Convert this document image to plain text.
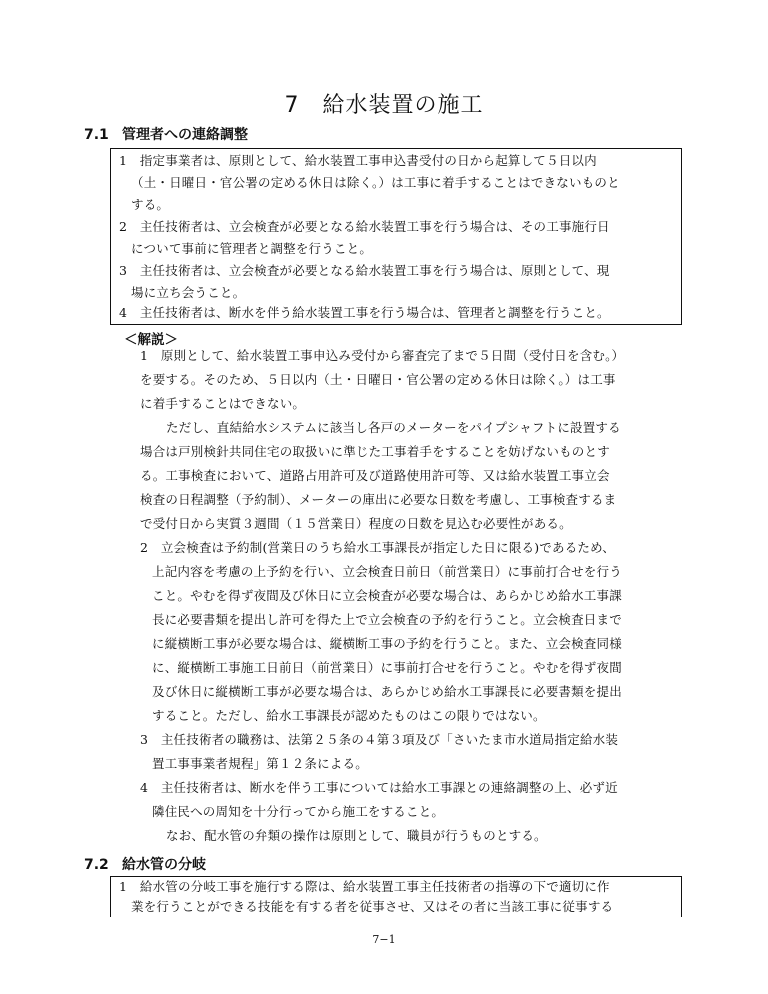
7　給水装置の施工
7.1 管理者への連絡調整
1　指定事業者は、原則として、給水装置工事申込書受付の日から起算して５日以内
（土・日曜日・官公署の定める休日は除く。）は工事に着手することはできないものと
する。
2　主任技術者は、立会検査が必要となる給水装置工事を行う場合は、その工事施行日
について事前に管理者と調整を行うこと。
3　主任技術者は、立会検査が必要となる給水装置工事を行う場合は、原則として、現
場に立ち会うこと。
4　主任技術者は、断水を伴う給水装置工事を行う場合は、管理者と調整を行うこと。
＜解説＞
1　原則として、給水装置工事申込み受付から審査完了まで５日間（受付日を含む。）
を要する。そのため、５日以内（土・日曜日・官公署の定める休日は除く。）は工事
に着手することはできない。
ただし、直結給水システムに該当し各戸のメーターをパイプシャフトに設置する
場合は戸別検針共同住宅の取扱いに準じた工事着手をすることを妨げないものとす
る。工事検査において、道路占用許可及び道路使用許可等、又は給水装置工事立会
検査の日程調整（予約制）、メーターの庫出に必要な日数を考慮し、工事検査するま
で受付日から実質３週間（１５営業日）程度の日数を見込む必要性がある。
2　立会検査は予約制(営業日のうち給水工事課長が指定した日に限る)であるため、
上記内容を考慮の上予約を行い、立会検査日前日（前営業日）に事前打合せを行う
こと。やむを得ず夜間及び休日に立会検査が必要な場合は、あらかじめ給水工事課
長に必要書類を提出し許可を得た上で立会検査の予約を行うこと。立会検査日まで
に縦横断工事が必要な場合は、縦横断工事の予約を行うこと。また、立会検査同様
に、縦横断工事施工日前日（前営業日）に事前打合せを行うこと。やむを得ず夜間
及び休日に縦横断工事が必要な場合は、あらかじめ給水工事課長に必要書類を提出
すること。ただし、給水工事課長が認めたものはこの限りではない。
3　主任技術者の職務は、法第２５条の４第３項及び「さいたま市水道局指定給水装
置工事事業者規程」第１２条による。
4　主任技術者は、断水を伴う工事については給水工事課との連絡調整の上、必ず近
隣住民への周知を十分行ってから施工をすること。
なお、配水管の弁類の操作は原則として、職員が行うものとする。
7.2 給水管の分岐
1　給水管の分岐工事を施行する際は、給水装置工事主任技術者の指導の下で適切に作
業を行うことができる技能を有する者を従事させ、又はその者に当該工事に従事する
7−1
